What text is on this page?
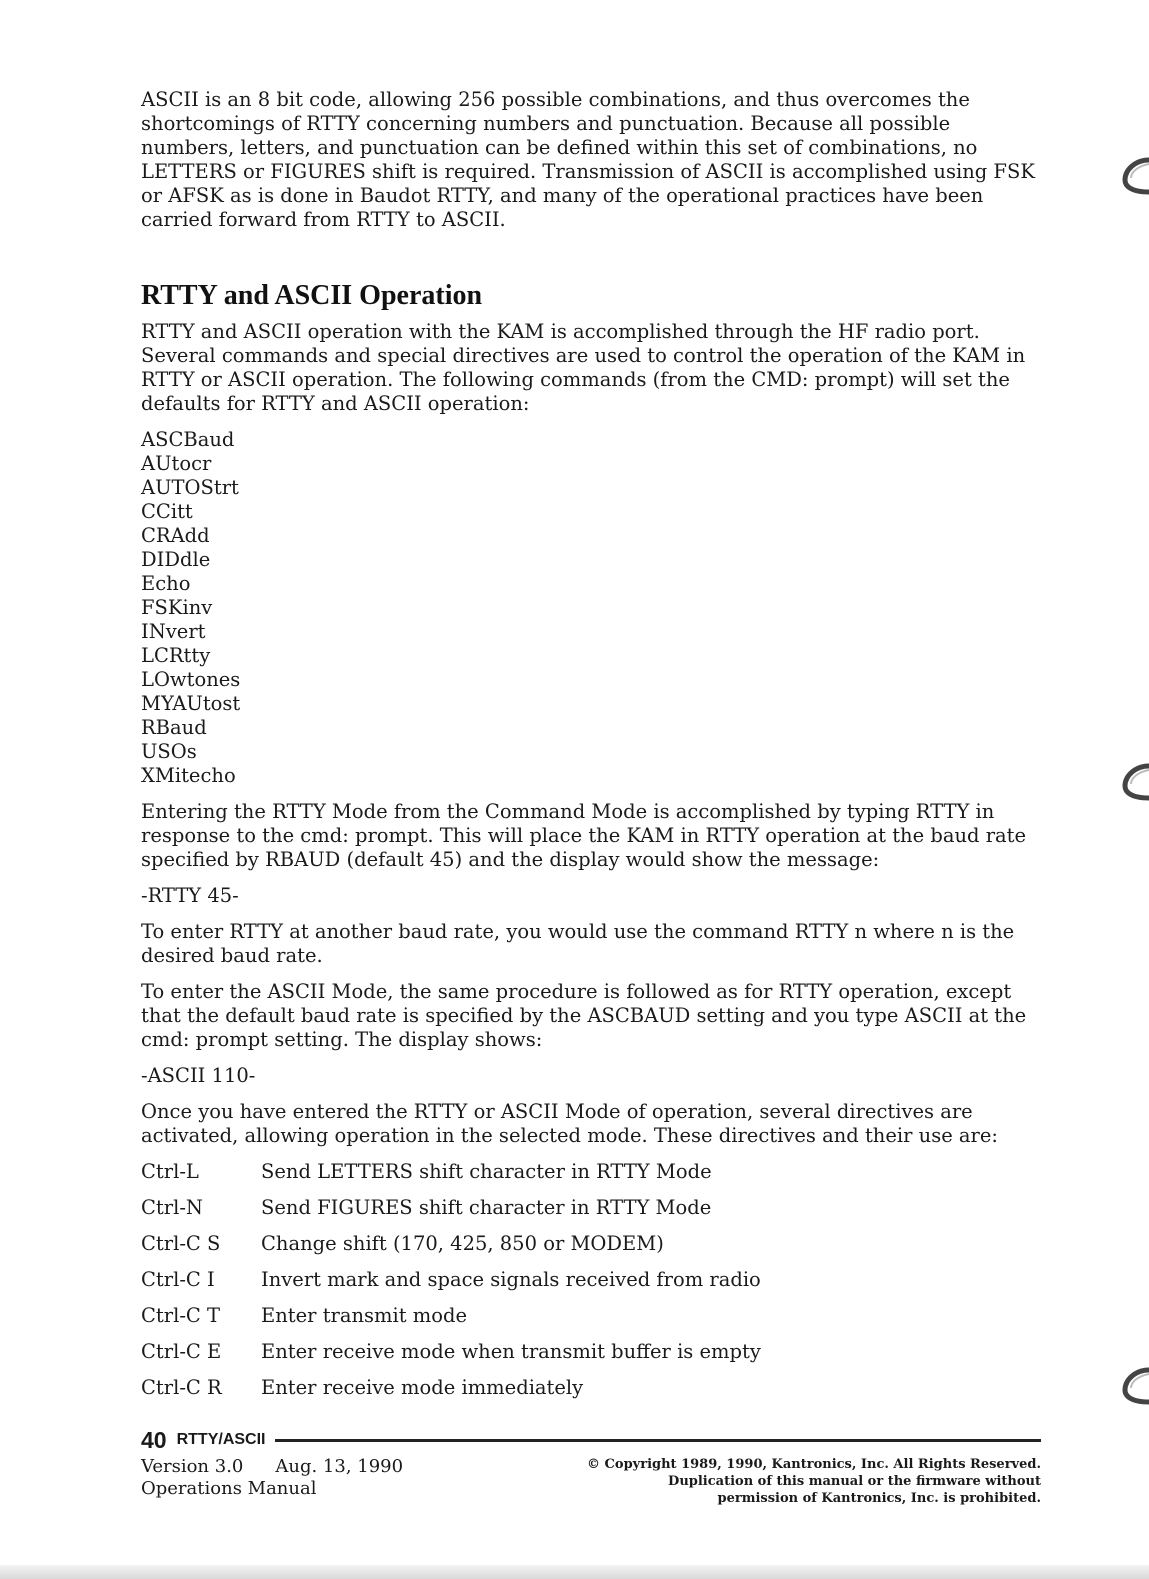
ASCII is an 8 bit code, allowing 256 possible combinations, and thus overcomes the shortcomings of RTTY concerning numbers and punctuation. Because all possible numbers, letters, and punctuation can be defined within this set of combinations, no LETTERS or FIGURES shift is required. Transmission of ASCII is accomplished using FSK or AFSK as is done in Baudot RTTY, and many of the operational practices have been carried forward from RTTY to ASCII.

RTTY and ASCII Operation

RTTY and ASCII operation with the KAM is accomplished through the HF radio port. Several commands and special directives are used to control the operation of the KAM in RTTY or ASCII operation. The following commands (from the CMD: prompt) will set the defaults for RTTY and ASCII operation:

ASCBaud
AUtocr
AUTOStrt
CCitt
CRAdd
DIDdle
Echo
FSKinv
INvert
LCRtty
LOwtones
MYAUtost
RBaud
USOs
XMitecho

Entering the RTTY Mode from the Command Mode is accomplished by typing RTTY in response to the cmd: prompt. This will place the KAM in RTTY operation at the baud rate specified by RBAUD (default 45) and the display would show the message:

-RTTY 45-

To enter RTTY at another baud rate, you would use the command RTTY n where n is the desired baud rate.

To enter the ASCII Mode, the same procedure is followed as for RTTY operation, except that the default baud rate is specified by the ASCBAUD setting and you type ASCII at the cmd: prompt setting. The display shows:

-ASCII 110-

Once you have entered the RTTY or ASCII Mode of operation, several directives are activated, allowing operation in the selected mode. These directives and their use are:

Ctrl-L	Send LETTERS shift character in RTTY Mode
Ctrl-N	Send FIGURES shift character in RTTY Mode
Ctrl-C S	Change shift (170, 425, 850 or MODEM)
Ctrl-C I	Invert mark and space signals received from radio
Ctrl-C T	Enter transmit mode
Ctrl-C E	Enter receive mode when transmit buffer is empty
Ctrl-C R	Enter receive mode immediately
40 RTTY/ASCII
Version 3.0 Aug. 13, 1990
Operations Manual
© Copyright 1989, 1990, Kantronics, Inc. All Rights Reserved.
Duplication of this manual or the firmware without
permission of Kantronics, Inc. is prohibited.
